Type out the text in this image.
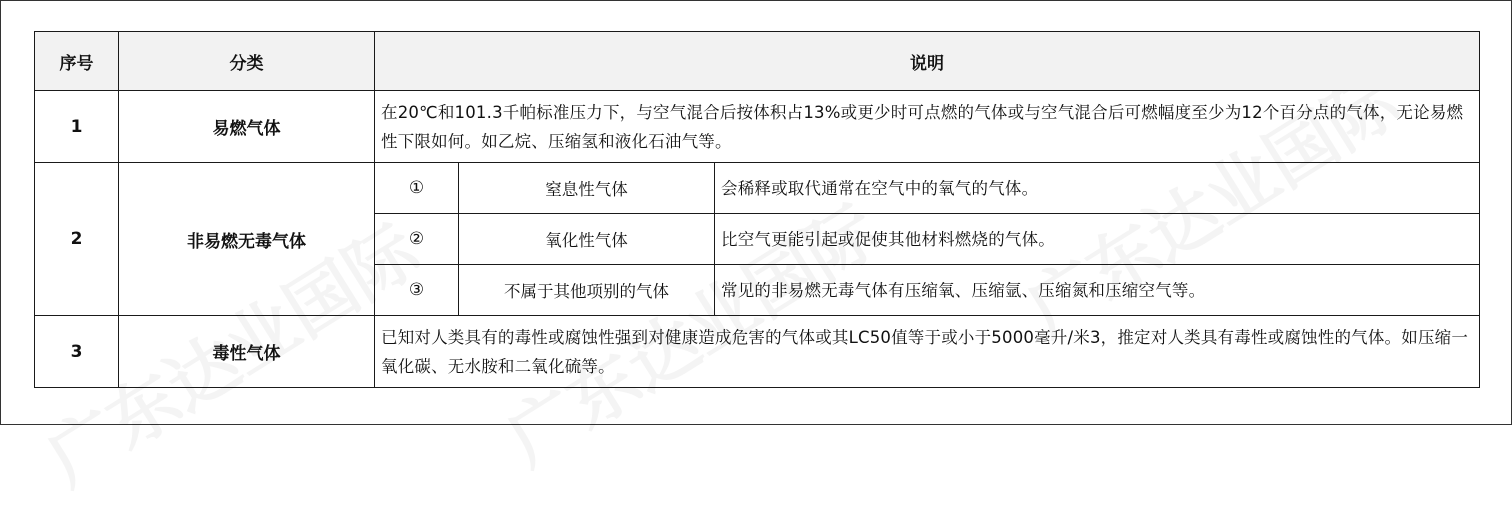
序号	分类	说明		
1	易燃气体	在20℃和101.3千帕标准压力下，与空气混合后按体积占13%或更少时可点燃的气体或与空气混合后可燃幅度至少为12个百分点的气体，无论易燃性下限如何。如乙烷、压缩氢和液化石油气等。		
2	非易燃无毒气体	①	窒息性气体	会稀释或取代通常在空气中的氧气的气体。
		②	氧化性气体	比空气更能引起或促使其他材料燃烧的气体。
		③	不属于其他项别的气体	常见的非易燃无毒气体有压缩氧、压缩氩、压缩氮和压缩空气等。
3	毒性气体	已知对人类具有的毒性或腐蚀性强到对健康造成危害的气体或其LC50值等于或小于5000毫升/米3，推定对人类具有毒性或腐蚀性的气体。如压缩一氧化碳、无水胺和二氧化硫等。		
